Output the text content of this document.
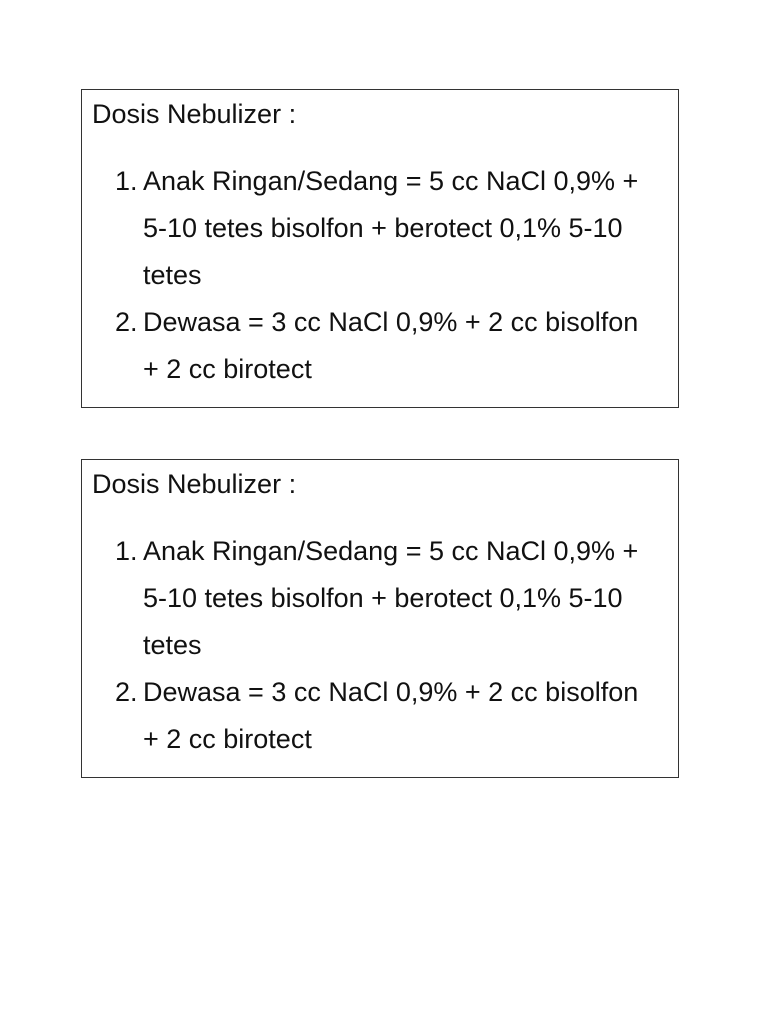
Dosis Nebulizer :
1. Anak Ringan/Sedang = 5 cc NaCl 0,9% +
5-10 tetes bisolfon + berotect 0,1% 5-10
tetes
2. Dewasa = 3 cc NaCl 0,9% + 2 cc bisolfon
+ 2 cc birotect
Dosis Nebulizer :
1. Anak Ringan/Sedang = 5 cc NaCl 0,9% +
5-10 tetes bisolfon + berotect 0,1% 5-10
tetes
2. Dewasa = 3 cc NaCl 0,9% + 2 cc bisolfon
+ 2 cc birotect
